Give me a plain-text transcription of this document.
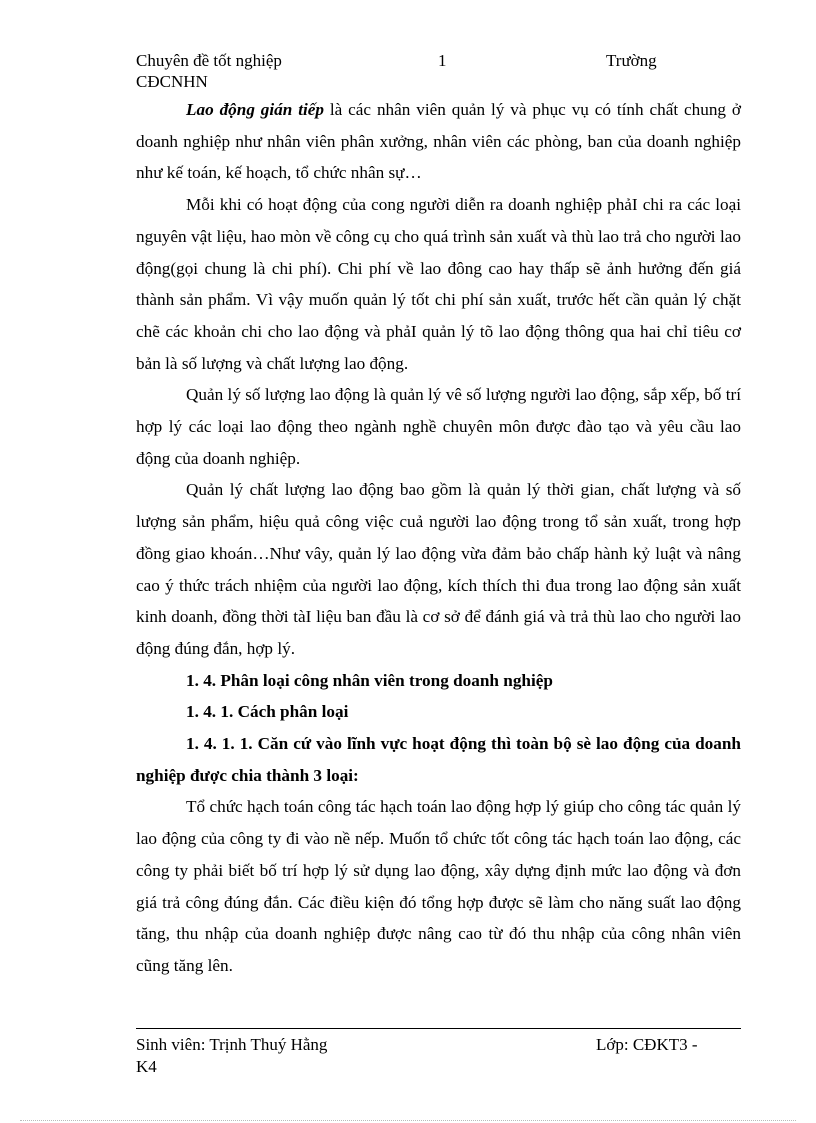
Chuyên đề tốt nghiệp	1	Trường
CĐCNHN

Lao động gián tiếp là các nhân viên quản lý và phục vụ có tính chất chung ở doanh nghiệp như nhân viên phân xưởng, nhân viên các phòng, ban của doanh nghiệp như kế toán, kế hoạch, tổ chức nhân sự…

Mỗi khi có hoạt động của cong người diễn ra doanh nghiệp phảI chi ra các loại nguyên vật liệu, hao mòn về công cụ cho quá trình sản xuất và thù lao trả cho người lao động(gọi chung là chi phí). Chi phí về lao đông cao hay thấp sẽ ảnh hưởng đến giá thành sản phẩm. Vì vậy muốn quản lý tốt chi phí sản xuất, trước hết cần quản lý chặt chẽ các khoản chi cho lao động và phảI quản lý tõ lao động thông qua hai chỉ tiêu cơ bản là số lượng và chất lượng lao động.

Quản lý số lượng lao động là quản lý vê số lượng người lao động, sắp xếp, bố trí hợp lý các loại lao động theo ngành nghề chuyên môn được đào tạo và yêu cầu lao động của doanh nghiệp.

Quản lý chất lượng lao động bao gồm là quản lý thời gian, chất lượng và số lượng sản phẩm, hiệu quả công việc cuả người lao động trong tổ sản xuất, trong hợp đồng giao khoán…Như vây, quản lý lao động vừa đảm bảo chấp hành kỷ luật và nâng cao ý thức trách nhiệm của người lao động, kích thích thi đua trong lao động sản xuất kinh doanh, đồng thời tàI liệu ban đầu là cơ sở để đánh giá và trả thù lao cho người lao động đúng đắn, hợp lý.

1. 4. Phân loại công nhân viên trong doanh nghiệp

1. 4. 1. Cách phân loại

1. 4. 1. 1. Căn cứ vào lĩnh vực hoạt động thì toàn bộ sè lao động của doanh nghiệp được chia thành 3 loại:

Tổ chức hạch toán công tác hạch toán lao động hợp lý giúp cho công tác quản lý lao động của công ty đi vào nề nếp. Muốn tổ chức tốt công tác hạch toán lao động, các công ty phải biết bố trí hợp lý sử dụng lao động, xây dựng định mức lao động và đơn giá trả công đúng đắn. Các điều kiện đó tổng hợp được sẽ làm cho năng suất lao động tăng, thu nhập của doanh nghiệp được nâng cao từ đó thu nhập của công nhân viên cũng tăng lên.

Sinh viên: Trịnh Thuý Hằng	Lớp: CĐKT3 -
K4
